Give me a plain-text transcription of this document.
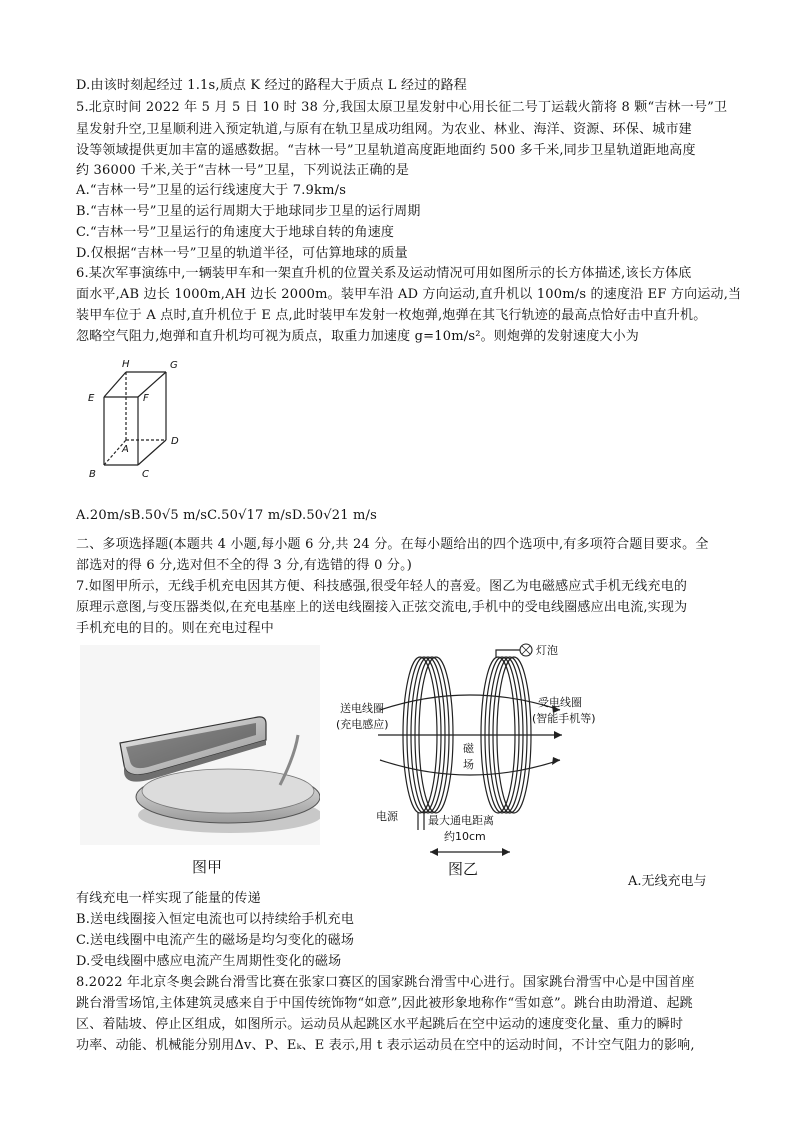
D.由该时刻起经过 1.1s,质点 K 经过的路程大于质点 L 经过的路程
5.北京时间 2022 年 5 月 5 日 10 时 38 分,我国太原卫星发射中心用长征二号丁运载火箭将 8 颗“吉林一号”卫
星发射升空,卫星顺利进入预定轨道,与原有在轨卫星成功组网。为农业、林业、海洋、资源、环保、城市建
设等领域提供更加丰富的遥感数据。“吉林一号”卫星轨道高度距地面约 500 多千米,同步卫星轨道距地高度
约 36000 千米,关于“吉林一号”卫星，下列说法正确的是
A.“吉林一号”卫星的运行线速度大于 7.9km/s
B.“吉林一号”卫星的运行周期大于地球同步卫星的运行周期
C.“吉林一号”卫星运行的角速度大于地球自转的角速度
D.仅根据“吉林一号”卫星的轨道半径，可估算地球的质量
6.某次军事演练中,一辆装甲车和一架直升机的位置关系及运动情况可用如图所示的长方体描述,该长方体底
面水平,AB 边长 1000m,AH 边长 2000m。装甲车沿 AD 方向运动,直升机以 100m/s 的速度沿 EF 方向运动,当
装甲车位于 A 点时,直升机位于 E 点,此时装甲车发射一枚炮弹,炮弹在其飞行轨迹的最高点恰好击中直升机。
忽略空气阻力,炮弹和直升机均可视为质点，取重力加速度 g=10m/s²。则炮弹的发射速度大小为
H	G
E	F
A
D
B	C
A.20m/sB.50√5 m/sC.50√17 m/sD.50√21 m/s
二、多项选择题(本题共 4 小题,每小题 6 分,共 24 分。在每小题给出的四个选项中,有多项符合题目要求。全
部选对的得 6 分,选对但不全的得 3 分,有选错的得 0 分。)
7.如图甲所示，无线手机充电因其方便、科技感强,很受年轻人的喜爱。图乙为电磁感应式手机无线充电的
原理示意图,与变压器类似,在充电基座上的送电线圈接入正弦交流电,手机中的受电线圈感应出电流,实现为
手机充电的目的。则在充电过程中
图甲
灯泡
送电线圈
(充电感应)
受电线圈
(智能手机等)
磁
场
电源	最大通电距离
约10cm
图乙
A.无线充电与
有线充电一样实现了能量的传递
B.送电线圈接入恒定电流也可以持续给手机充电
C.送电线圈中电流产生的磁场是均匀变化的磁场
D.受电线圈中感应电流产生周期性变化的磁场
8.2022 年北京冬奥会跳台滑雪比赛在张家口赛区的国家跳台滑雪中心进行。国家跳台滑雪中心是中国首座
跳台滑雪场馆,主体建筑灵感来自于中国传统饰物“如意”,因此被形象地称作“雪如意”。跳台由助滑道、起跳
区、着陆坡、停止区组成，如图所示。运动员从起跳区水平起跳后在空中运动的速度变化量、重力的瞬时
功率、动能、机械能分别用Δv、P、Eₖ、E 表示,用 t 表示运动员在空中的运动时间，不计空气阻力的影响,
